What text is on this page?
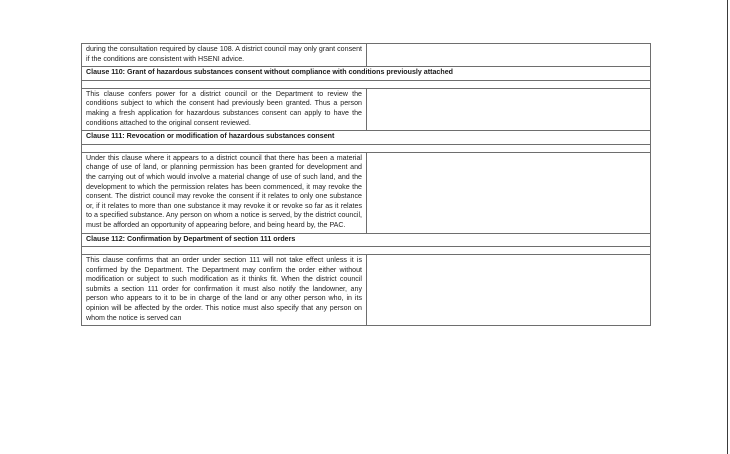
during the consultation required by clause 108. A district council may only grant consent if the conditions are consistent with HSENI advice.	
Clause 110: Grant of hazardous substances consent without compliance with conditions previously attached	

This clause confers power for a district council or the Department to review the conditions subject to which the consent had previously been granted. Thus a person making a fresh application for hazardous substances consent can apply to have the conditions attached to the original consent reviewed.	
Clause 111: Revocation or modification of hazardous substances consent	

Under this clause where it appears to a district council that there has been a material change of use of land, or planning permission has been granted for development and the carrying out of which would involve a material change of use of such land, and the development to which the permission relates has been commenced, it may revoke the consent. The district council may revoke the consent if it relates to only one substance or, if it relates to more than one substance it may revoke it or revoke so far as it relates to a specified substance. Any person on whom a notice is served, by the district council, must be afforded an opportunity of appearing before, and being heard by, the PAC.	
Clause 112: Confirmation by Department of section 111 orders	

This clause confirms that an order under section 111 will not take effect unless it is confirmed by the Department. The Department may confirm the order either without modification or subject to such modification as it thinks fit. When the district council submits a section 111 order for confirmation it must also notify the landowner, any person who appears to it to be in charge of the land or any other person who, in its opinion will be affected by the order. This notice must also specify that any person on whom the notice is served can	
